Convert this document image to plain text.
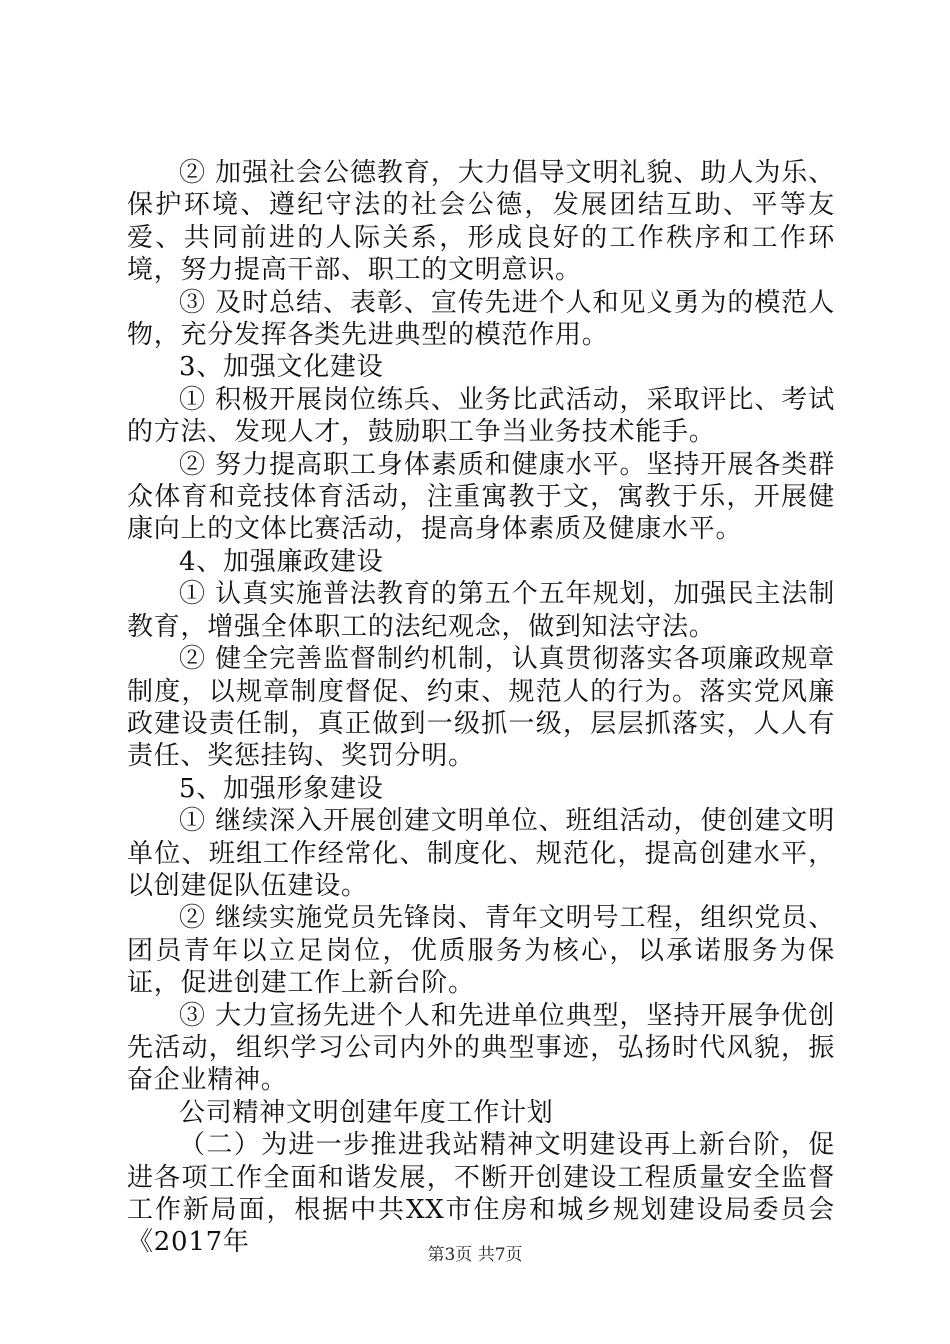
② 加强社会公德教育，大力倡导文明礼貌、助人为乐、保护环境、遵纪守法的社会公德，发展团结互助、平等友爱、共同前进的人际关系，形成良好的工作秩序和工作环境，努力提高干部、职工的文明意识。

③ 及时总结、表彰、宣传先进个人和见义勇为的模范人物，充分发挥各类先进典型的模范作用。

3、加强文化建设

① 积极开展岗位练兵、业务比武活动，采取评比、考试的方法、发现人才，鼓励职工争当业务技术能手。

② 努力提高职工身体素质和健康水平。坚持开展各类群众体育和竞技体育活动，注重寓教于文，寓教于乐，开展健康向上的文体比赛活动，提高身体素质及健康水平。

4、加强廉政建设

① 认真实施普法教育的第五个五年规划，加强民主法制教育，增强全体职工的法纪观念，做到知法守法。

② 健全完善监督制约机制，认真贯彻落实各项廉政规章制度，以规章制度督促、约束、规范人的行为。落实党风廉政建设责任制，真正做到一级抓一级，层层抓落实，人人有责任、奖惩挂钩、奖罚分明。

5、加强形象建设

① 继续深入开展创建文明单位、班组活动，使创建文明单位、班组工作经常化、制度化、规范化，提高创建水平，以创建促队伍建设。

② 继续实施党员先锋岗、青年文明号工程，组织党员、团员青年以立足岗位，优质服务为核心，以承诺服务为保证，促进创建工作上新台阶。

③ 大力宣扬先进个人和先进单位典型，坚持开展争优创先活动，组织学习公司内外的典型事迹，弘扬时代风貌，振奋企业精神。

公司精神文明创建年度工作计划

（二）为进一步推进我站精神文明建设再上新台阶，促进各项工作全面和谐发展，不断开创建设工程质量安全监督工作新局面，根据中共XX市住房和城乡规划建设局委员会《2017年	第3页 共7页
